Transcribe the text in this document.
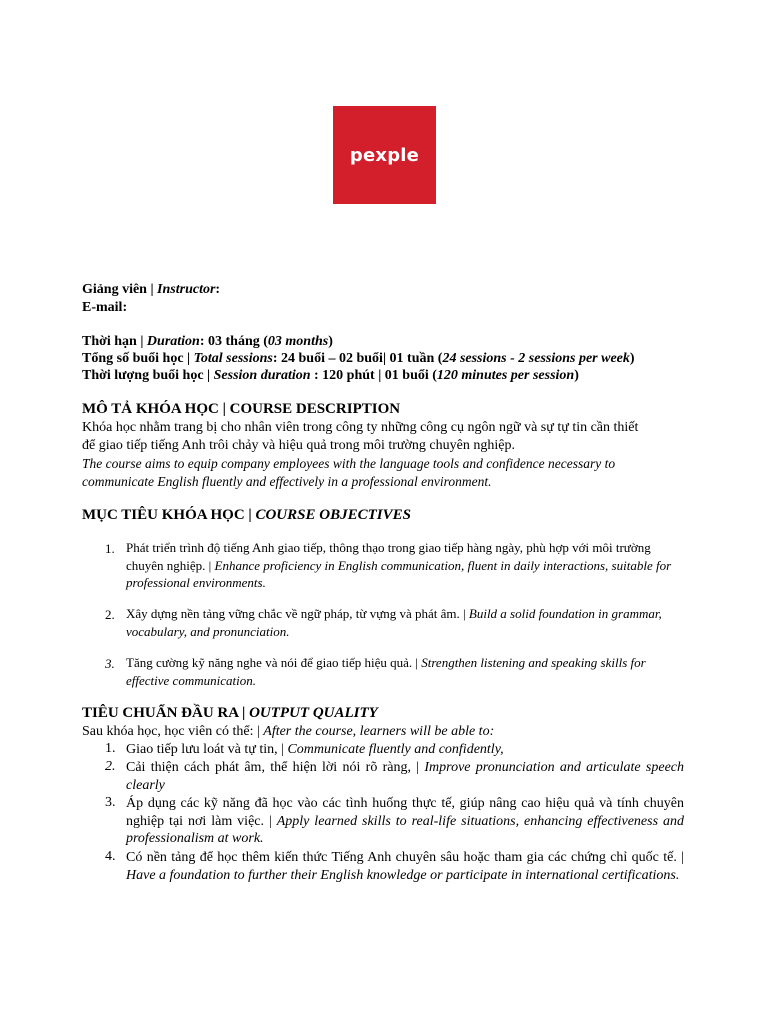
pexple
Giảng viên | Instructor:
E-mail:
Thời hạn | Duration: 03 tháng (03 months)
Tổng số buổi học | Total sessions: 24 buổi – 02 buổi| 01 tuần (24 sessions - 2 sessions per week)
Thời lượng buổi học | Session duration : 120 phút | 01 buổi (120 minutes per session)
MÔ TẢ KHÓA HỌC | COURSE DESCRIPTION
Khóa học nhằm trang bị cho nhân viên trong công ty những công cụ ngôn ngữ và sự tự tin cần thiết
để giao tiếp tiếng Anh trôi chảy và hiệu quả trong môi trường chuyên nghiệp.
The course aims to equip company employees with the language tools and confidence necessary to
communicate English fluently and effectively in a professional environment.
MỤC TIÊU KHÓA HỌC | COURSE OBJECTIVES
1. Phát triển trình độ tiếng Anh giao tiếp, thông thạo trong giao tiếp hàng ngày, phù hợp với môi trường chuyên nghiệp. | Enhance proficiency in English communication, fluent in daily interactions, suitable for professional environments.
2. Xây dựng nền tảng vững chắc về ngữ pháp, từ vựng và phát âm. | Build a solid foundation in grammar, vocabulary, and pronunciation.
3. Tăng cường kỹ năng nghe và nói để giao tiếp hiệu quả. | Strengthen listening and speaking skills for effective communication.
TIÊU CHUẨN ĐẦU RA | OUTPUT QUALITY
Sau khóa học, học viên có thể: | After the course, learners will be able to:
1. Giao tiếp lưu loát và tự tin, | Communicate fluently and confidently,
2. Cải thiện cách phát âm, thể hiện lời nói rõ ràng, | Improve pronunciation and articulate speech clearly
3. Áp dụng các kỹ năng đã học vào các tình huống thực tế, giúp nâng cao hiệu quả và tính chuyên nghiệp tại nơi làm việc. | Apply learned skills to real-life situations, enhancing effectiveness and professionalism at work.
4. Có nền tảng để học thêm kiến thức Tiếng Anh chuyên sâu hoặc tham gia các chứng chỉ quốc tế. | Have a foundation to further their English knowledge or participate in international certifications.
